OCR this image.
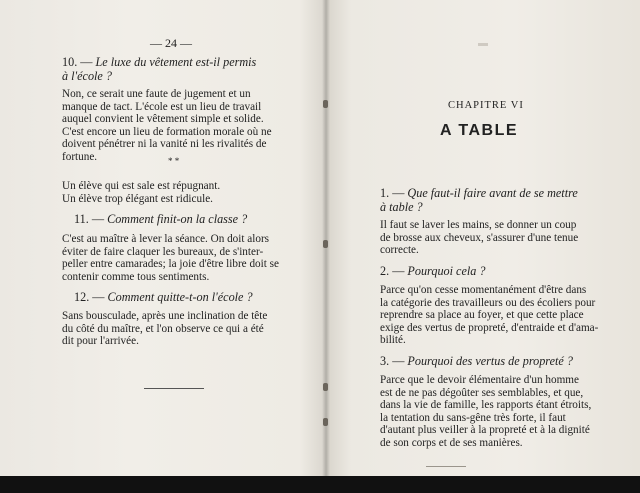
▬
— 24 —
10. — Le luxe du vêtement est-il permis
à l'école ?
Non, ce serait une faute de jugement et un
manque de tact. L'école est un lieu de travail
auquel convient le vêtement simple et solide.
C'est encore un lieu de formation morale où ne
doivent pénétrer ni la vanité ni les rivalités de
fortune.	* *
Un élève qui est sale est répugnant.
Un élève trop élégant est ridicule.
11. — Comment finit-on la classe ?
C'est au maître à lever la séance. On doit alors
éviter de faire claquer les bureaux, de s'inter-
peller entre camarades; la joie d'être libre doit se
contenir comme tous sentiments.
12. — Comment quitte-t-on l'école ?
Sans bousculade, après une inclination de tête
du côté du maître, et l'on observe ce qui a été
dit pour l'arrivée.
CHAPITRE VI
A TABLE
1. — Que faut-il faire avant de se mettre
à table ?
Il faut se laver les mains, se donner un coup
de brosse aux cheveux, s'assurer d'une tenue
correcte.
2. — Pourquoi cela ?
Parce qu'on cesse momentanément d'être dans
la catégorie des travailleurs ou des écoliers pour
reprendre sa place au foyer, et que cette place
exige des vertus de propreté, d'entraide et d'ama-
bilité.
3. — Pourquoi des vertus de propreté ?
Parce que le devoir élémentaire d'un homme
est de ne pas dégoûter ses semblables, et que,
dans la vie de famille, les rapports étant étroits,
la tentation du sans-gêne très forte, il faut
d'autant plus veiller à la propreté et à la dignité
de son corps et de ses manières.
